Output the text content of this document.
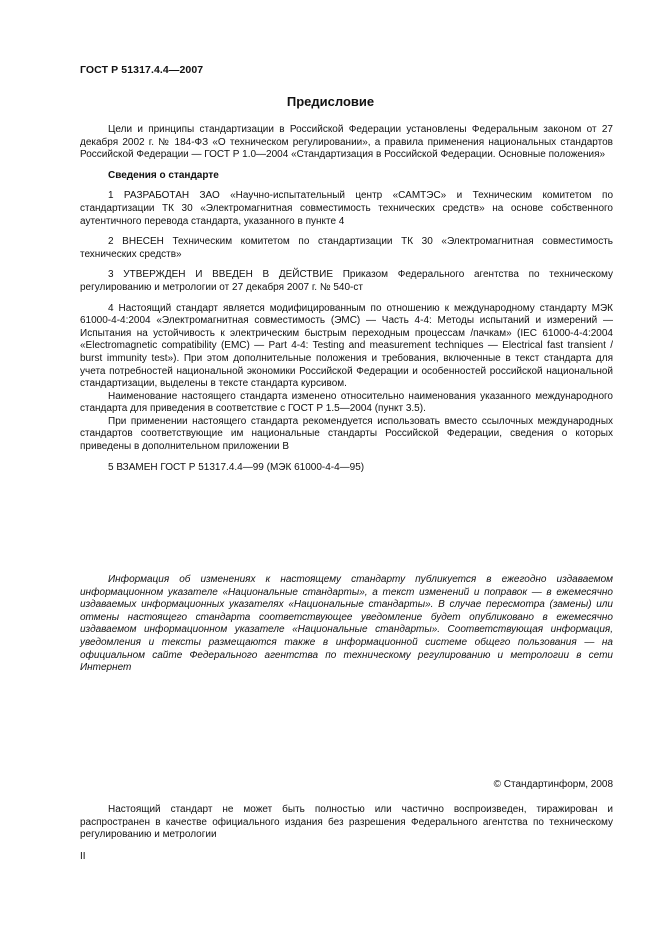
ГОСТ Р 51317.4.4—2007
Предисловие

Цели и принципы стандартизации в Российской Федерации установлены Федеральным законом от 27 декабря 2002 г. № 184-ФЗ «О техническом регулировании», а правила применения национальных стандартов Российской Федерации — ГОСТ Р 1.0—2004 «Стандартизация в Российской Федерации. Основные положения»

Сведения о стандарте

1 РАЗРАБОТАН ЗАО «Научно-испытательный центр «САМТЭС» и Техническим комитетом по стандартизации ТК 30 «Электромагнитная совместимость технических средств» на основе собственного аутентичного перевода стандарта, указанного в пункте 4

2 ВНЕСЕН Техническим комитетом по стандартизации ТК 30 «Электромагнитная совместимость технических средств»

3 УТВЕРЖДЕН И ВВЕДЕН В ДЕЙСТВИЕ Приказом Федерального агентства по техническому регулированию и метрологии от 27 декабря 2007 г. № 540-ст

4 Настоящий стандарт является модифицированным по отношению к международному стандарту МЭК 61000-4-4:2004 «Электромагнитная совместимость (ЭМС) — Часть 4-4: Методы испытаний и измерений — Испытания на устойчивость к электрическим быстрым переходным процессам /пачкам» (IEC 61000-4-4:2004 «Electromagnetic compatibility (EMC) — Part 4-4: Testing and measurement techniques — Electrical fast transient / burst immunity test»). При этом дополнительные положения и требования, включенные в текст стандарта для учета потребностей национальной экономики Российской Федерации и особенностей российской национальной стандартизации, выделены в тексте стандарта курсивом.

Наименование настоящего стандарта изменено относительно наименования указанного международного стандарта для приведения в соответствие с ГОСТ Р 1.5—2004 (пункт 3.5).

При применении настоящего стандарта рекомендуется использовать вместо ссылочных международных стандартов соответствующие им национальные стандарты Российской Федерации, сведения о которых приведены в дополнительном приложении В

5 ВЗАМЕН ГОСТ Р 51317.4.4—99 (МЭК 61000-4-4—95)

Информация об изменениях к настоящему стандарту публикуется в ежегодно издаваемом информационном указателе «Национальные стандарты», а текст изменений и поправок — в ежемесячно издаваемых информационных указателях «Национальные стандарты». В случае пересмотра (замены) или отмены настоящего стандарта соответствующее уведомление будет опубликовано в ежемесячно издаваемом информационном указателе «Национальные стандарты». Соответствующая информация, уведомления и тексты размещаются также в информационной системе общего пользования — на официальном сайте Федерального агентства по техническому регулированию и метрологии в сети Интернет

© Стандартинформ, 2008

Настоящий стандарт не может быть полностью или частично воспроизведен, тиражирован и распространен в качестве официального издания без разрешения Федерального агентства по техническому регулированию и метрологии

II
